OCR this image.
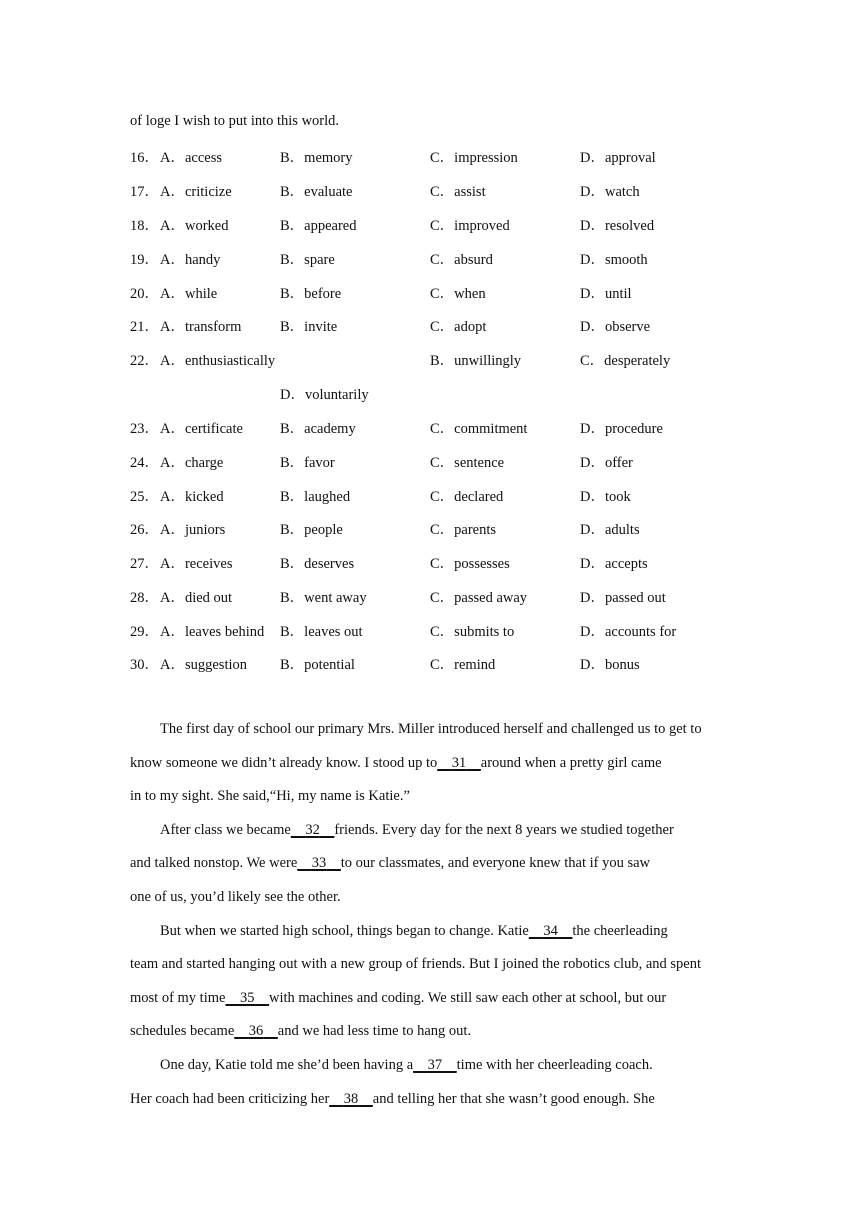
of loge I wish to put into this world.
16． A．access	B．memory	C．impression	D．approval
17． A．criticize	B．evaluate	C．assist	D．watch
18． A．worked	B．appeared	C．improved	D．resolved
19． A．handy	B．spare	C．absurd	D．smooth
20． A．while	B．before	C．when	D．until
21． A．transform	B．invite	C．adopt	D．observe
23． A．certificate	B．academy	C．commitment	D．procedure
24． A．charge	B．favor	C．sentence	D．offer
25． A．kicked	B．laughed	C．declared	D．took
26． A．juniors	B．people	C．parents	D．adults
27． A．receives	B．deserves	C．possesses	D．accepts
28． A．died out	B．went away	C．passed away	D．passed out
29． A．leaves behind B．leaves out	C．submits to	D．accounts for
30． A．suggestion B．potential	C．remind	D．bonus
22． A．enthusiastically	B．unwillingly	C．desperately
D．voluntarily
The first day of school our primary Mrs. Miller introduced herself and challenged us to get to
know someone we didn’t already know. I stood up to 31 around when a pretty girl came
in to my sight. She said,“Hi, my name is Katie.”
After class we became 32 friends. Every day for the next 8 years we studied together
and talked nonstop. We were 33 to our classmates, and everyone knew that if you saw
one of us, you’d likely see the other.
But when we started high school, things began to change. Katie 34 the cheerleading
team and started hanging out with a new group of friends. But I joined the robotics club, and spent
most of my time 35 with machines and coding. We still saw each other at school, but our
schedules became 36 and we had less time to hang out.
One day, Katie told me she’d been having a 37 time with her cheerleading coach.
Her coach had been criticizing her 38 and telling her that she wasn’t good enough. She
